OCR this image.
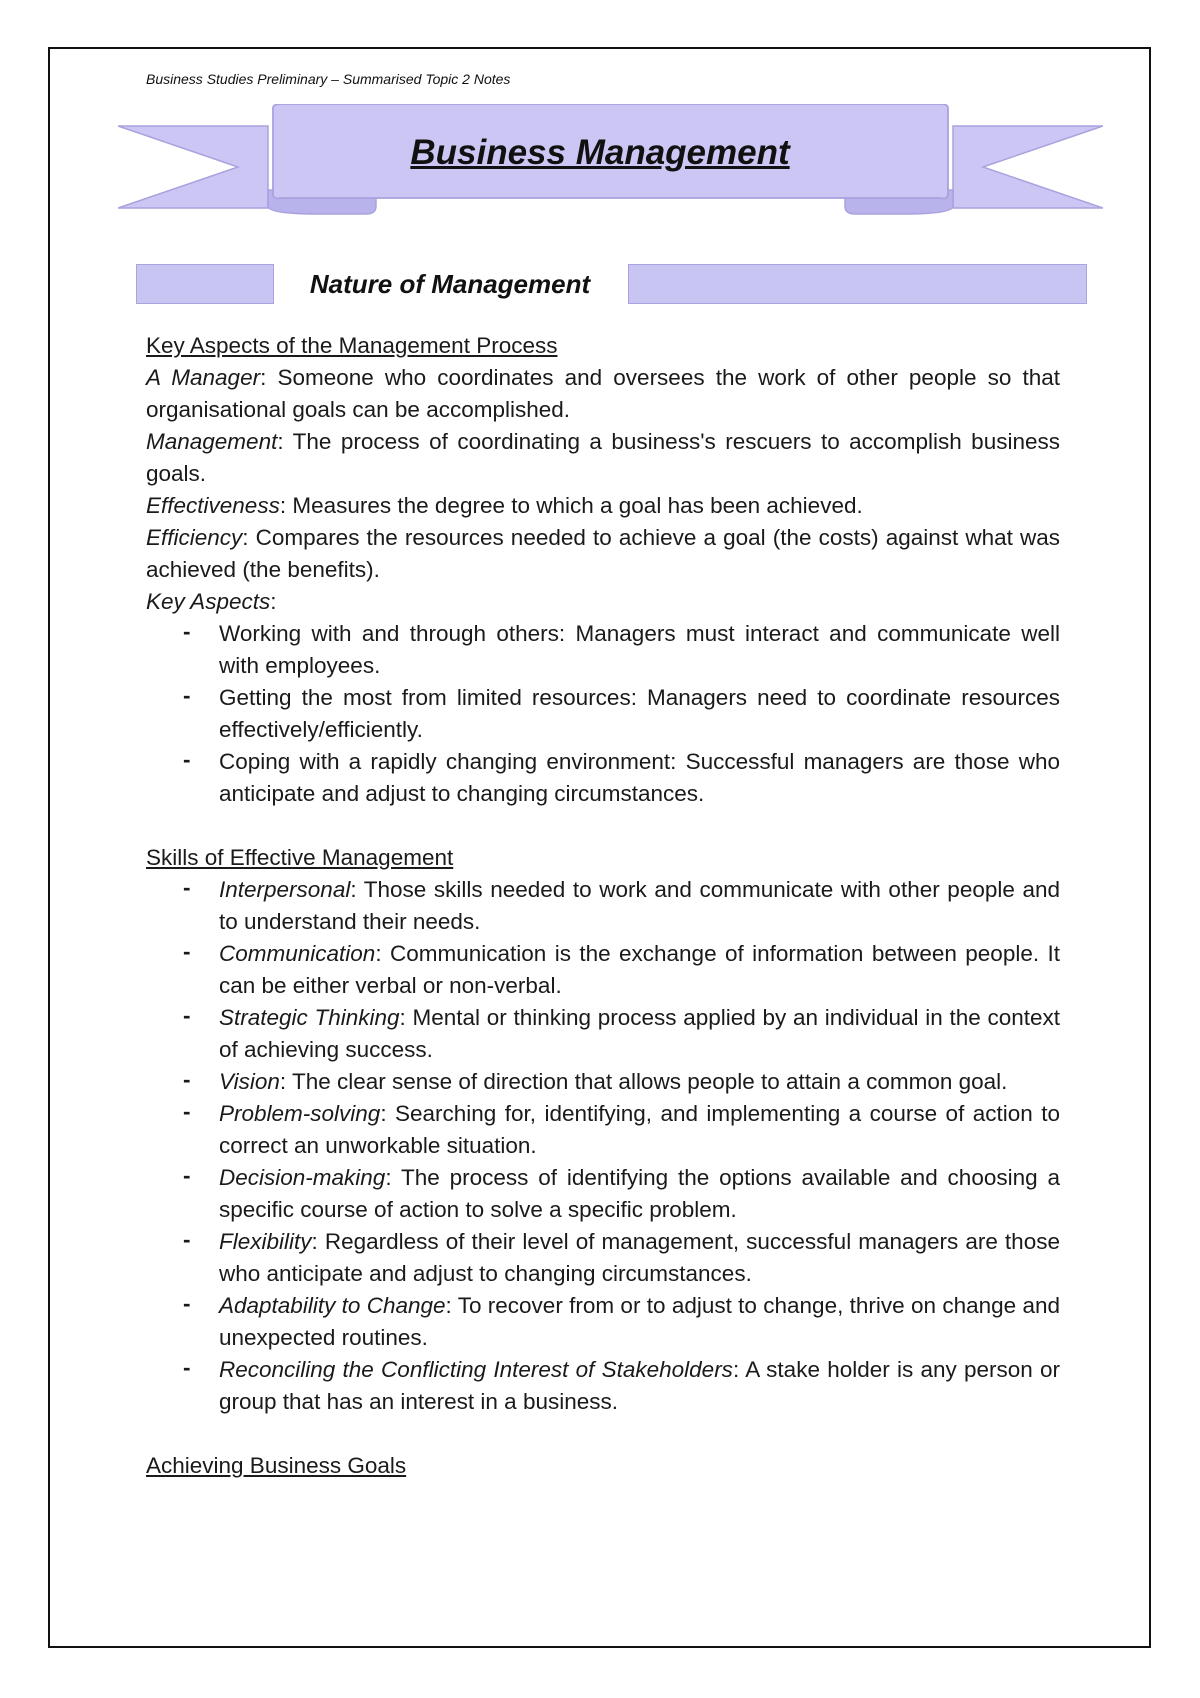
Business Studies Preliminary – Summarised Topic 2 Notes
Business Management
Nature of Management
Key Aspects of the Management Process
A Manager: Someone who coordinates and oversees the work of other people so that organisational goals can be accomplished.
Management: The process of coordinating a business's rescuers to accomplish business goals.
Effectiveness: Measures the degree to which a goal has been achieved.
Efficiency: Compares the resources needed to achieve a goal (the costs) against what was achieved (the benefits).
Key Aspects:
- Working with and through others: Managers must interact and communicate well with employees.
- Getting the most from limited resources: Managers need to coordinate resources effectively/efficiently.
- Coping with a rapidly changing environment: Successful managers are those who anticipate and adjust to changing circumstances.
Skills of Effective Management
- Interpersonal: Those skills needed to work and communicate with other people and to understand their needs.
- Communication: Communication is the exchange of information between people. It can be either verbal or non-verbal.
- Strategic Thinking: Mental or thinking process applied by an individual in the context of achieving success.
- Vision: The clear sense of direction that allows people to attain a common goal.
- Problem-solving: Searching for, identifying, and implementing a course of action to correct an unworkable situation.
- Decision-making: The process of identifying the options available and choosing a specific course of action to solve a specific problem.
- Flexibility: Regardless of their level of management, successful managers are those who anticipate and adjust to changing circumstances.
- Adaptability to Change: To recover from or to adjust to change, thrive on change and unexpected routines.
- Reconciling the Conflicting Interest of Stakeholders: A stake holder is any person or group that has an interest in a business.
Achieving Business Goals
